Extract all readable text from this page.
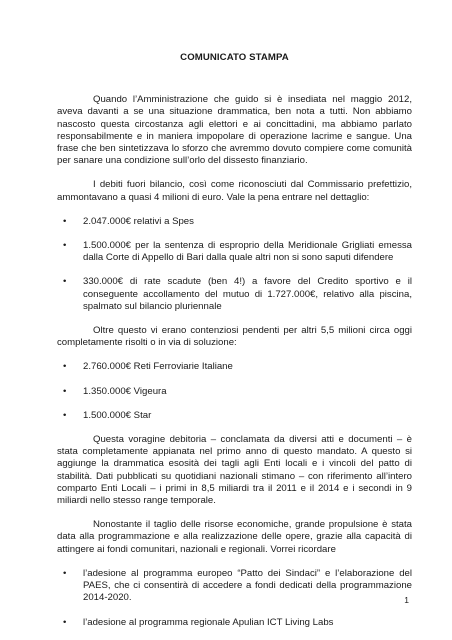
COMUNICATO STAMPA

Quando l’Amministrazione che guido si è insediata nel maggio 2012, aveva davanti a se una situazione drammatica, ben nota a tutti. Non abbiamo nascosto questa circostanza agli elettori e ai concittadini, ma abbiamo parlato responsabilmente e in maniera impopolare di operazione lacrime e sangue. Una frase che ben sintetizzava lo sforzo che avremmo dovuto compiere come comunità per sanare una condizione sull’orlo del dissesto finanziario.

I debiti fuori bilancio, così come riconosciuti dal Commissario prefettizio, ammontavano a quasi 4 milioni di euro. Vale la pena entrare nel dettaglio:

• 2.047.000€ relativi a Spes
• 1.500.000€ per la sentenza di esproprio della Meridionale Grigliati emessa dalla Corte di Appello di Bari dalla quale altri non si sono saputi difendere
• 330.000€ di rate scadute (ben 4!) a favore del Credito sportivo e il conseguente accollamento del mutuo di 1.727.000€, relativo alla piscina, spalmato sul bilancio pluriennale

Oltre questo vi erano contenziosi pendenti per altri 5,5 milioni circa oggi completamente risolti o in via di soluzione:

• 2.760.000€ Reti Ferroviarie Italiane
• 1.350.000€ Vigeura
• 1.500.000€ Star

Questa voragine debitoria – conclamata da diversi atti e documenti – è stata completamente appianata nel primo anno di questo mandato. A questo si aggiunge la drammatica esosità dei tagli agli Enti locali e i vincoli del patto di stabilità. Dati pubblicati su quotidiani nazionali stimano – con riferimento all’intero comparto Enti Locali – i primi in 8,5 miliardi tra il 2011 e il 2014 e i secondi in 9 miliardi nello stesso range temporale.

Nonostante il taglio delle risorse economiche, grande propulsione è stata data alla programmazione e alla realizzazione delle opere, grazie alla capacità di attingere ai fondi comunitari, nazionali e regionali. Vorrei ricordare

• l’adesione al programma europeo “Patto dei Sindaci” e l’elaborazione del PAES, che ci consentirà di accedere a fondi dedicati della programmazione 2014-2020.
• l’adesione al programma regionale Apulian ICT Living Labs
1
